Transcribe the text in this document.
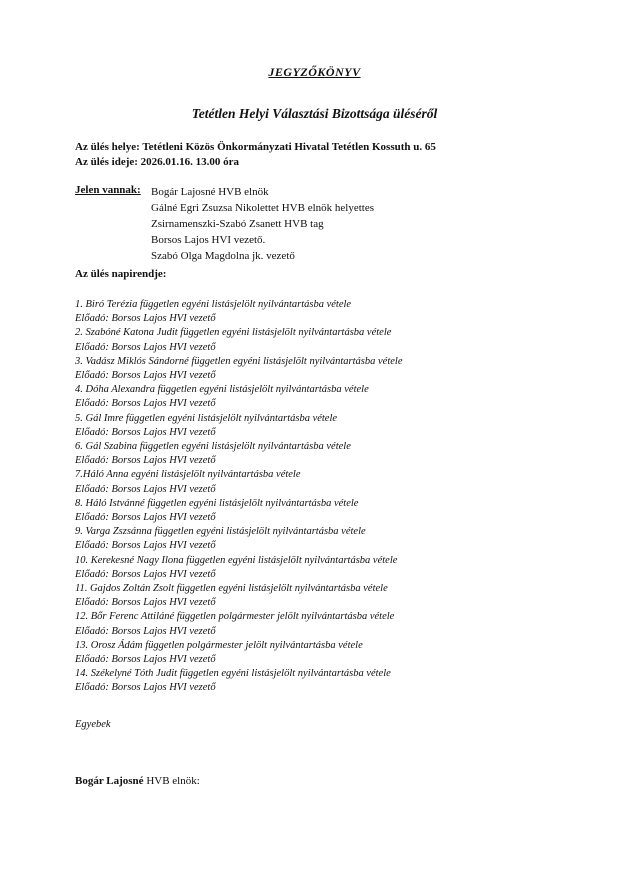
JEGYZŐKÖNYV
Tetétlen Helyi Választási Bizottsága üléséről
Az ülés helye: Tetétleni Közös Önkormányzati Hivatal Tetétlen Kossuth u. 65
Az ülés ideje: 2026.01.16. 13.00 óra
Jelen vannak: Bogár Lajosné HVB elnök
Gálné Egri Zsuzsa Nikolettet HVB elnök helyettes
Zsirnamenszki-Szabó Zsanett HVB tag
Borsos Lajos HVI vezető.
Szabó Olga Magdolna jk. vezető
Az ülés napirendje:
1. Biró Terézia független egyéni listásjelölt nyilvántartásba vétele
Előadó: Borsos Lajos HVI vezető
2. Szabóné Katona Judit független egyéni listásjelölt nyilvántartásba vétele
Előadó: Borsos Lajos HVI vezető
3. Vadász Miklós Sándorné független egyéni listásjelölt nyilvántartásba vétele
Előadó: Borsos Lajos HVI vezető
4. Dóha Alexandra független egyéni listásjelölt nyilvántartásba vétele
Előadó: Borsos Lajos HVI vezető
5. Gál Imre független egyéni listásjelölt nyilvántartásba vétele
Előadó: Borsos Lajos HVI vezető
6. Gál Szabina független egyéni listásjelölt nyilvántartásba vétele
Előadó: Borsos Lajos HVI vezető
7.Háló Anna egyéni listásjelölt nyilvántartásba vétele
Előadó: Borsos Lajos HVI vezető
8. Háló Istvánné független egyéni listásjelölt nyilvántartásba vétele
Előadó: Borsos Lajos HVI vezető
9. Varga Zszsánna független egyéni listásjelölt nyilvántartásba vétele
Előadó: Borsos Lajos HVI vezető
10. Kerekesné Nagy Ilona független egyéni listásjelölt nyilvántartásba vétele
Előadó: Borsos Lajos HVI vezető
11. Gajdos Zoltán Zsolt független egyéni listásjelölt nyilvántartásba vétele
Előadó: Borsos Lajos HVI vezető
12. Bőr Ferenc Attiláné független polgármester jelölt nyilvántartásba vétele
Előadó: Borsos Lajos HVI vezető
13. Orosz Ádám független polgármester jelölt nyilvántartásba vétele
Előadó: Borsos Lajos HVI vezető
14. Székelyné Tóth Judit független egyéni listásjelölt nyilvántartásba vétele
Előadó: Borsos Lajos HVI vezető
Egyebek
Bogár Lajosné HVB elnök:
